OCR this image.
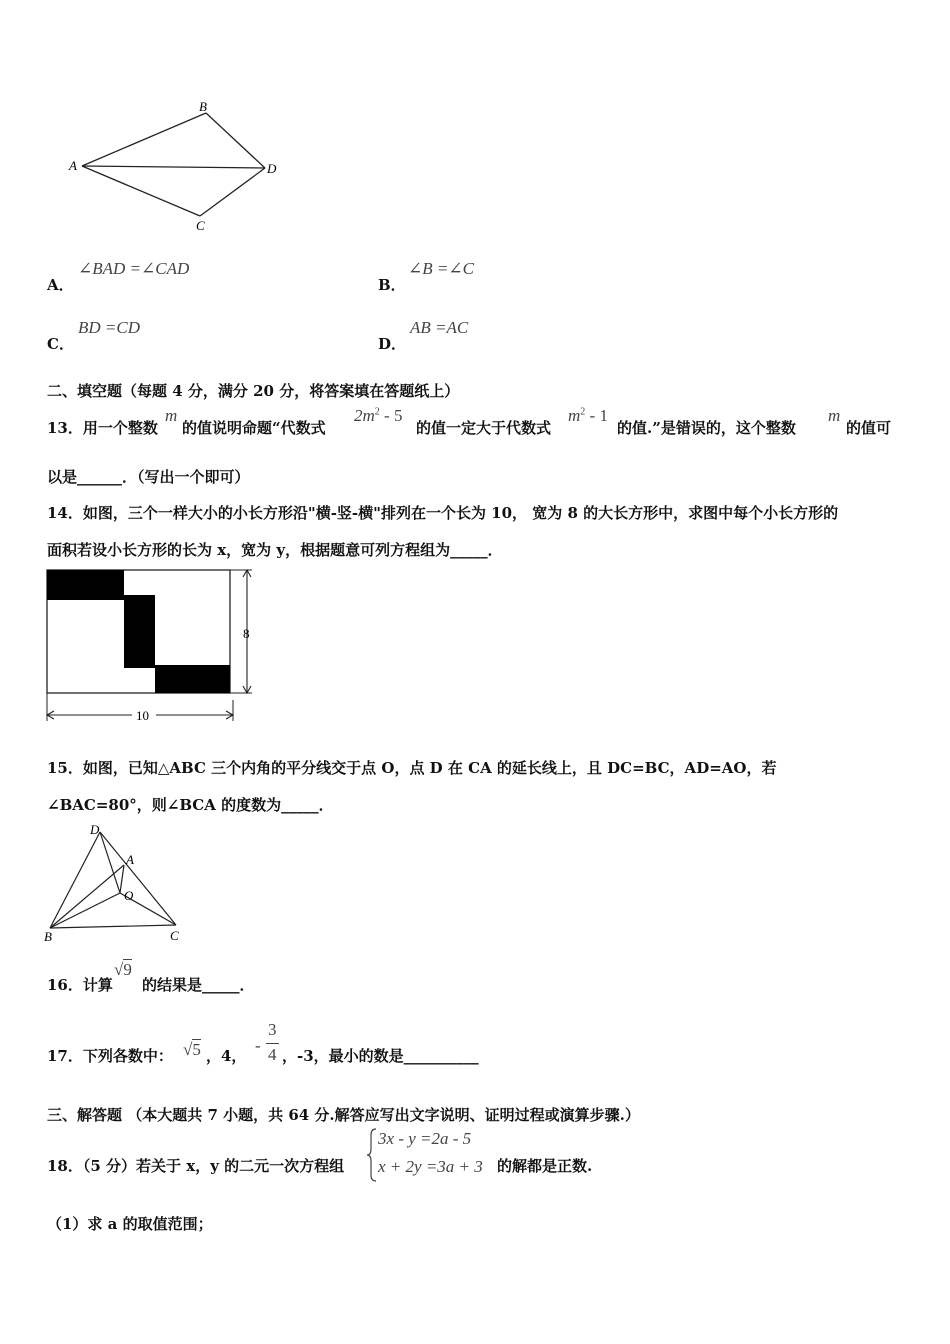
B
A	D
C
A．
∠BAD =∠CAD
B．
∠B =∠C
C．
BD =CD
D．
AB =AC
二、填空题（每题 4 分，满分 20 分，将答案填在答题纸上）
13．用一个整数
m
的值说明命题“代数式
$2m^2 - 5$
的值一定大于代数式
$m^2 - 1$
的值.”是错误的，这个整数
m
的值可
以是______．（写出一个即可）
14．如图，三个一样大小的小长方形沿"横-竖-横"排列在一个长为 10， 宽为 8 的大长方形中，求图中每个小长方形的
面积若设小长方形的长为 x，宽为 y，根据题意可列方程组为_____．
8
10
15．如图，已知△ABC 三个内角的平分线交于点 O，点 D 在 CA 的延长线上，且 DC=BC，AD=AO，若
∠BAC=80°，则∠BCA 的度数为_____．
D
A
O
B	C
16．计算
√9
的结果是_____．
17．下列各数中： √5 ，4，
-
3
4 ，-3，最小的数是__________
三、解答题 （本大题共 7 小题，共 64 分.解答应写出文字说明、证明过程或演算步骤.）
18．（5 分）若关于 x，y 的二元一次方程组
3x - y =2a - 5
x + 2y =3a + 3 的解都是正数.
（1）求 a 的取值范围；
